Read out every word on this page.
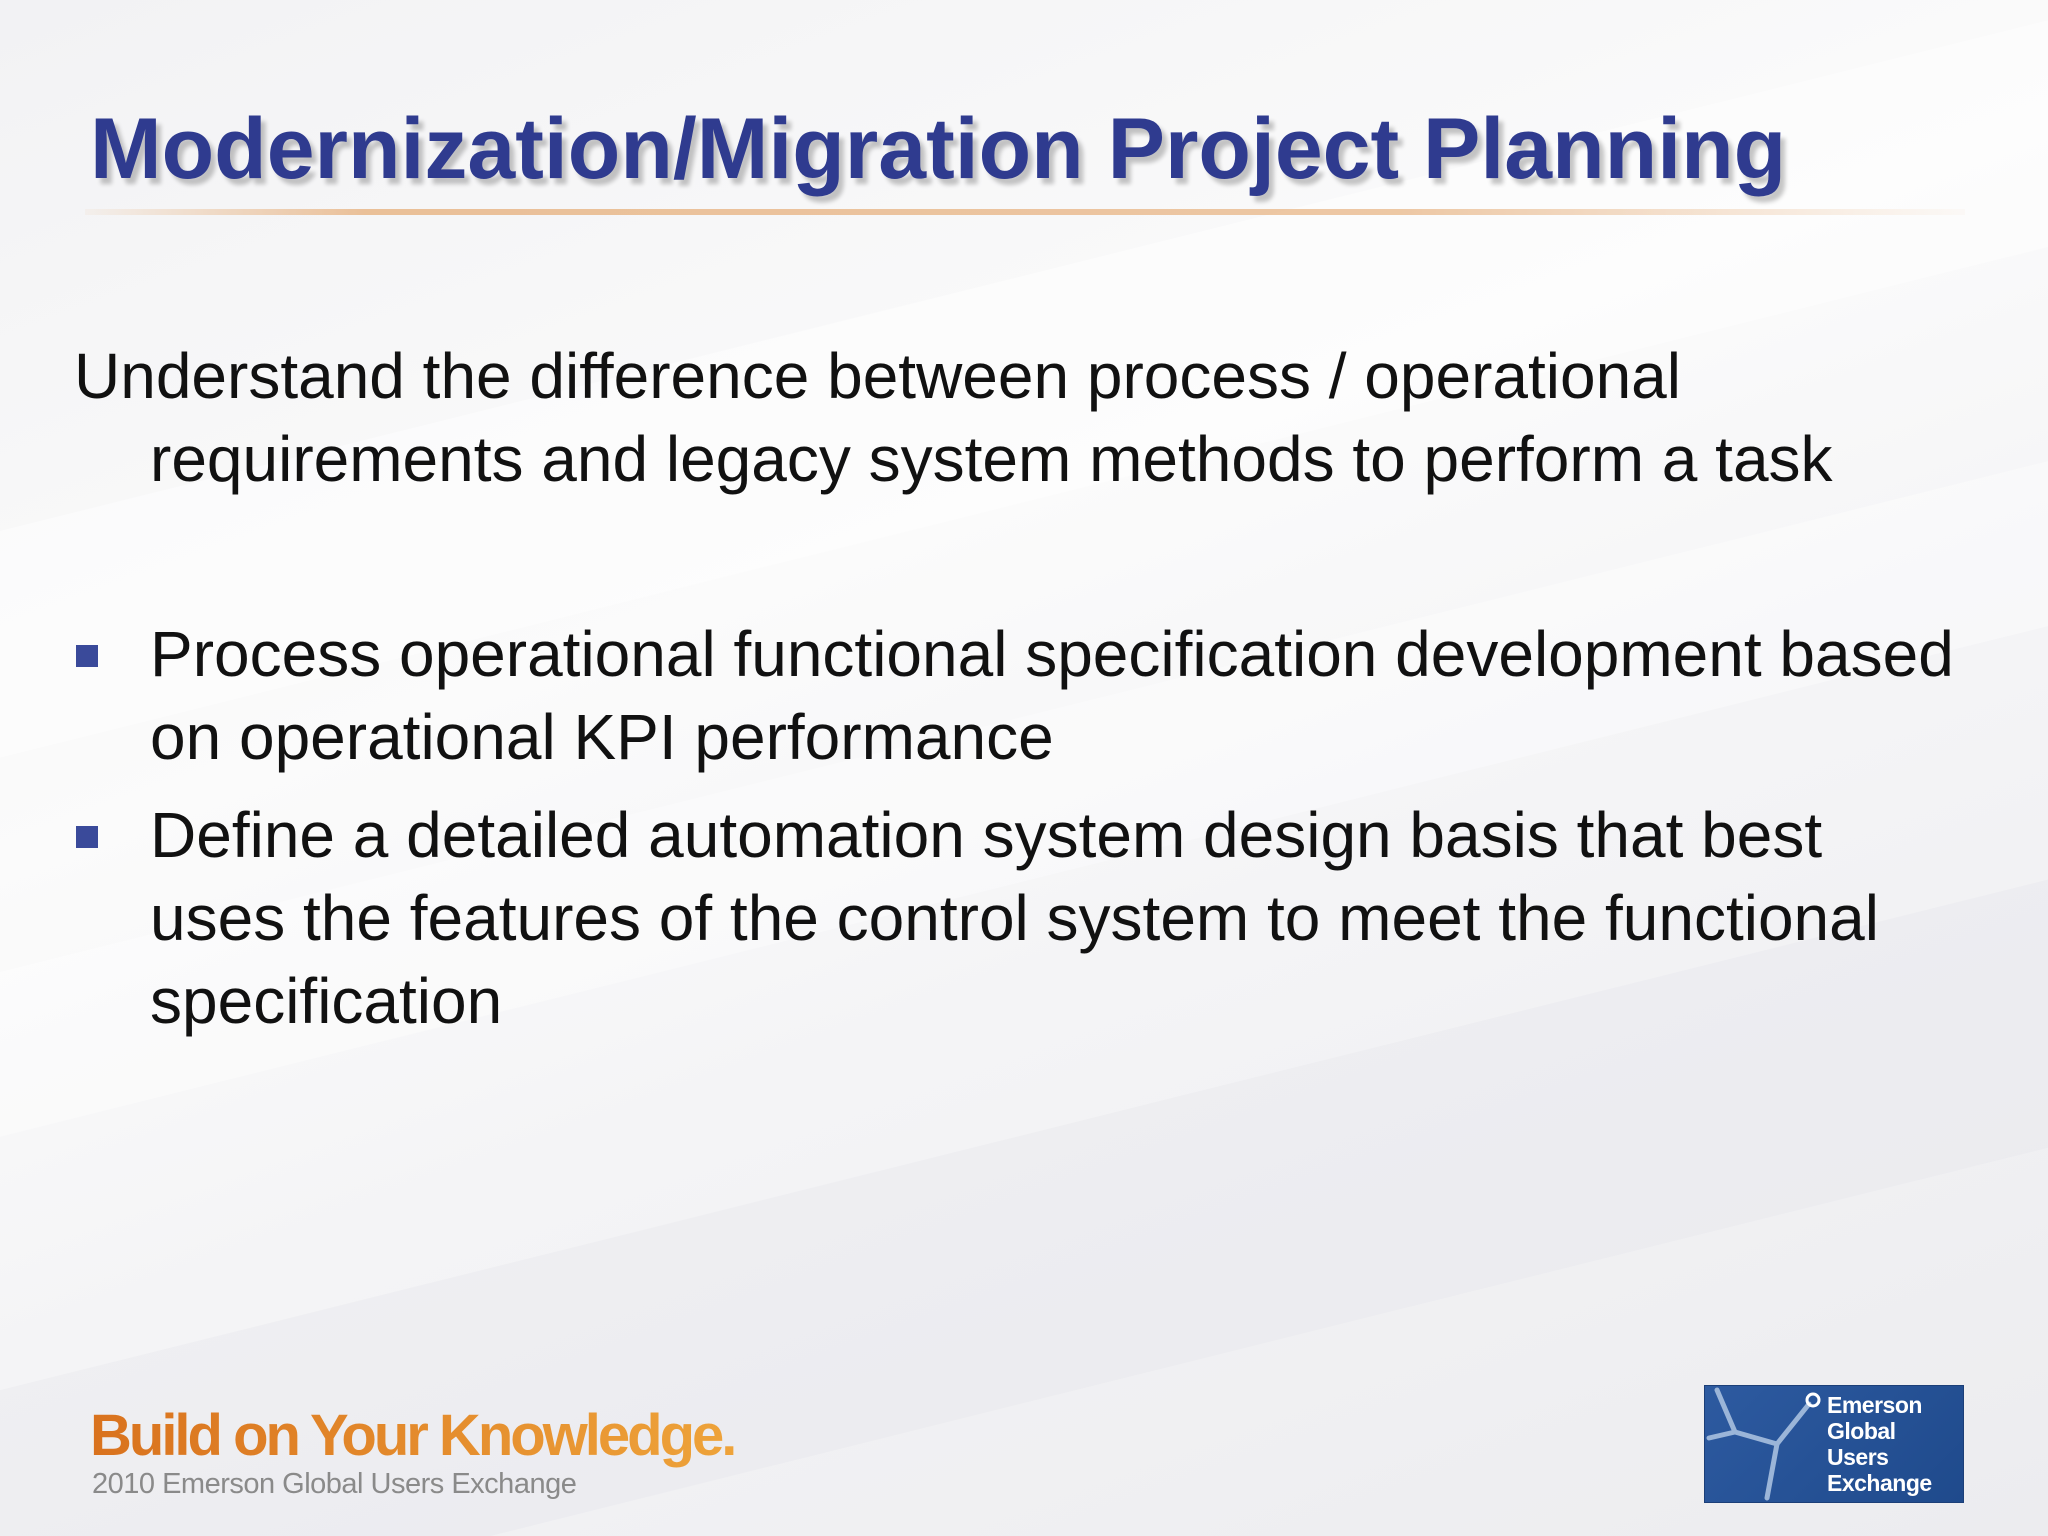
Modernization/Migration Project Planning

Understand the difference between process / operational requirements and legacy system methods to perform a task

Process operational functional specification development based on operational KPI performance
Define a detailed automation system design basis that best uses the features of the control system to meet the functional specification
Build on Your Knowledge.
2010 Emerson Global Users Exchange
Emerson
Global
Users
Exchange
